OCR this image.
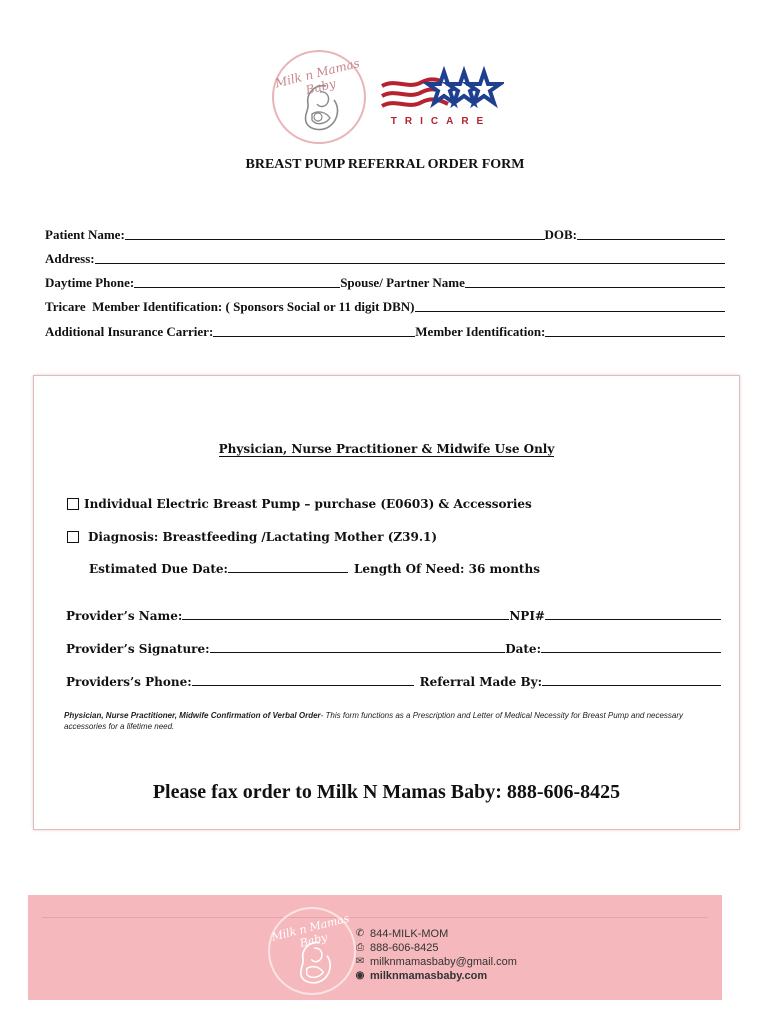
Milk n Mamas Baby
TRICARE
BREAST PUMP REFERRAL ORDER FORM
Patient Name:	DOB:
Address:
Daytime Phone:	Spouse/ Partner Name
Tricare  Member Identification: ( Sponsors Social or 11 digit DBN)
Additional Insurance Carrier:	Member Identification:
Physician, Nurse Practitioner & Midwife Use Only
Individual Electric Breast Pump – purchase (E0603) & Accessories
Diagnosis: Breastfeeding /Lactating Mother (Z39.1)
Estimated Due Date:	Length Of Need: 36 months
Provider’s Name:	NPI#
Provider’s Signature:	Date:
Providers’s Phone:	Referral Made By:
Physician, Nurse Practitioner, Midwife Confirmation of Verbal Order- This form functions as a Prescription and Letter of Medical Necessity for Breast Pump and necessary accessories for a lifetime need.
Please fax order to Milk N Mamas Baby: 888-606-8425
Milk n Mamas Baby	✆ 844-MILK-MOM
⎙ 888-606-8425
✉ milknmamasbaby@gmail.com
◉ milknmamasbaby.com
